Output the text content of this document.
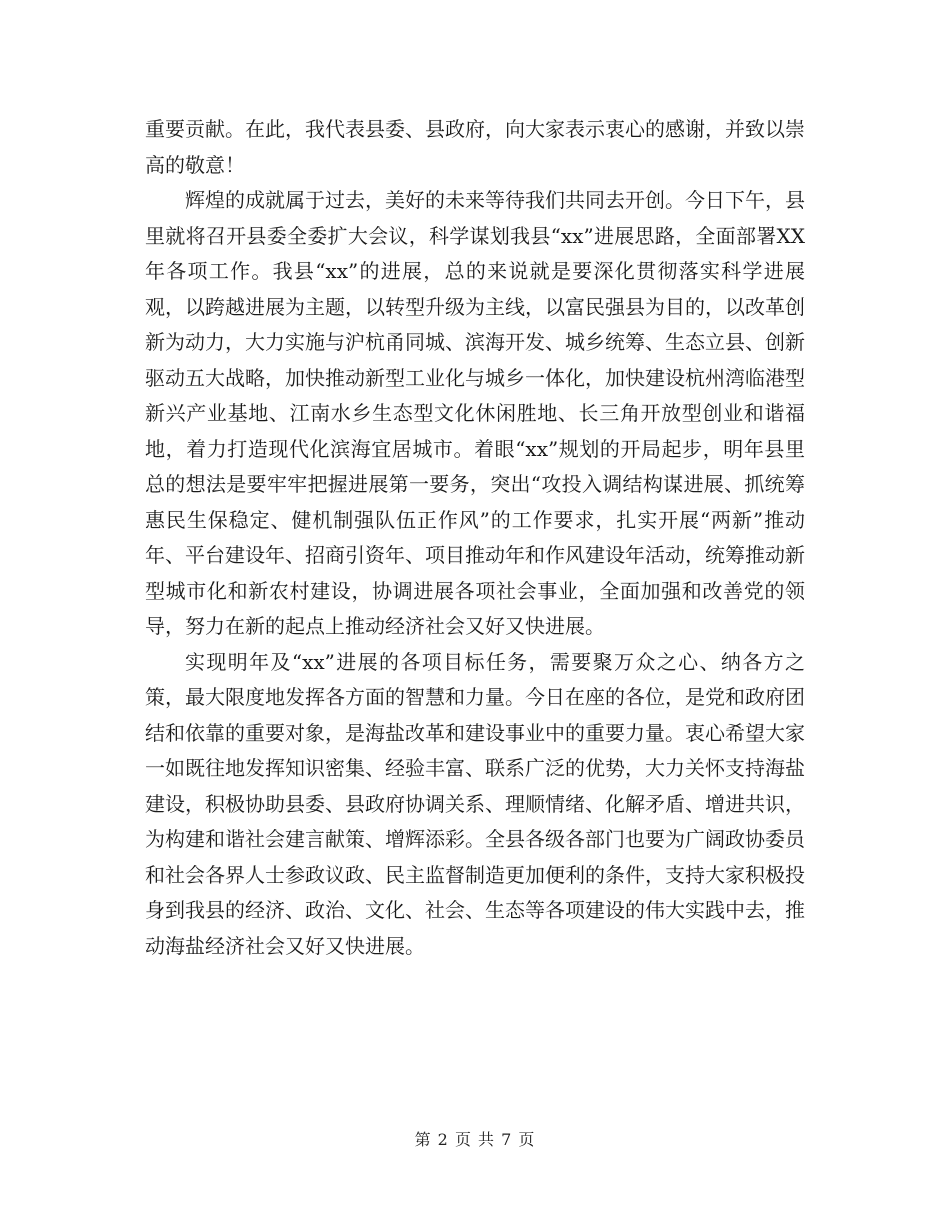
重要贡献。在此，我代表县委、县政府，向大家表示衷心的感谢，并致以崇高的敬意！

辉煌的成就属于过去，美好的未来等待我们共同去开创。今日下午，县里就将召开县委全委扩大会议，科学谋划我县“xx”进展思路，全面部署XX年各项工作。我县“xx”的进展，总的来说就是要深化贯彻落实科学进展观，以跨越进展为主题，以转型升级为主线，以富民强县为目的，以改革创新为动力，大力实施与沪杭甬同城、滨海开发、城乡统筹、生态立县、创新驱动五大战略，加快推动新型工业化与城乡一体化，加快建设杭州湾临港型新兴产业基地、江南水乡生态型文化休闲胜地、长三角开放型创业和谐福地，着力打造现代化滨海宜居城市。着眼“xx”规划的开局起步，明年县里总的想法是要牢牢把握进展第一要务，突出“攻投入调结构谋进展、抓统筹惠民生保稳定、健机制强队伍正作风”的工作要求，扎实开展“两新”推动年、平台建设年、招商引资年、项目推动年和作风建设年活动，统筹推动新型城市化和新农村建设，协调进展各项社会事业，全面加强和改善党的领导，努力在新的起点上推动经济社会又好又快进展。

实现明年及“xx”进展的各项目标任务，需要聚万众之心、纳各方之策，最大限度地发挥各方面的智慧和力量。今日在座的各位，是党和政府团结和依靠的重要对象，是海盐改革和建设事业中的重要力量。衷心希望大家一如既往地发挥知识密集、经验丰富、联系广泛的优势，大力关怀支持海盐建设，积极协助县委、县政府协调关系、理顺情绪、化解矛盾、增进共识，为构建和谐社会建言献策、增辉添彩。全县各级各部门也要为广阔政协委员和社会各界人士参政议政、民主监督制造更加便利的条件，支持大家积极投身到我县的经济、政治、文化、社会、生态等各项建设的伟大实践中去，推动海盐经济社会又好又快进展。

第 2 页 共 7 页
